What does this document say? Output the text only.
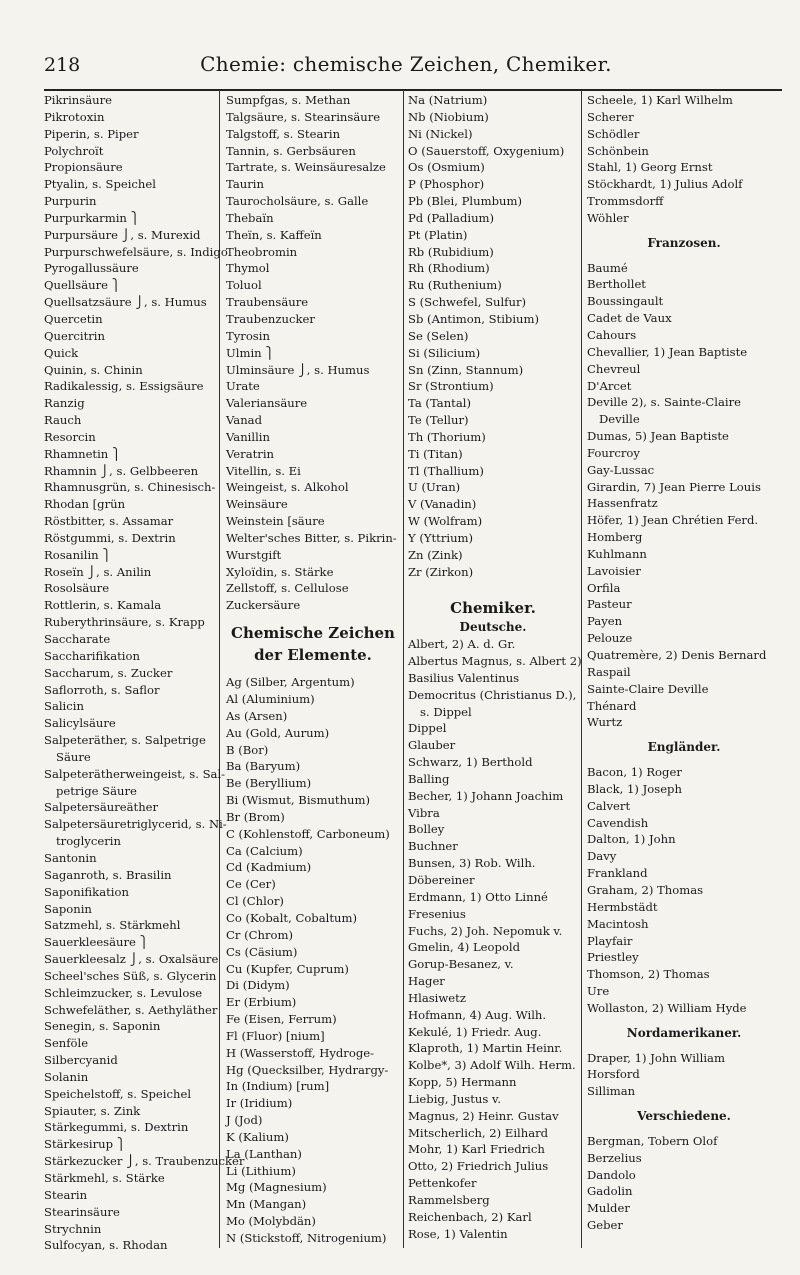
218	Chemie: chemische Zeichen, Chemiker.
Pikrinsäure
Pikrotoxin
Piperin, s. Piper
Polychroït
Propionsäure
Ptyalin, s. Speichel
Purpurin
Purpurkarmin ⎫
Purpursäure ⎭, s. Murexid
Purpurschwefelsäure, s. Indigo
Pyrogallussäure
Quellsäure ⎫
Quellsatzsäure ⎭, s. Humus
Quercetin
Quercitrin
Quick
Quinin, s. Chinin
Radikalessig, s. Essigsäure
Ranzig
Rauch
Resorcin
Rhamnetin ⎫
Rhamnin ⎭, s. Gelbbeeren
Rhamnusgrün, s. Chinesisch-
Rhodan [grün
Röstbitter, s. Assamar
Röstgummi, s. Dextrin
Rosanilin ⎫
Roseïn ⎭, s. Anilin
Rosolsäure
Rottlerin, s. Kamala
Ruberythrinsäure, s. Krapp
Saccharate
Saccharifikation
Saccharum, s. Zucker
Saflorroth, s. Saflor
Salicin
Salicylsäure
Salpeteräther, s. Salpetrige
Säure
Salpeterätherweingeist, s. Sal-
petrige Säure
Salpetersäureäther
Salpetersäuretriglycerid, s. Ni-
troglycerin
Santonin
Saganroth, s. Brasilin
Saponifikation
Saponin
Satzmehl, s. Stärkmehl
Sauerkleesäure ⎫
Sauerkleesalz ⎭, s. Oxalsäure
Scheel'sches Süß, s. Glycerin
Schleimzucker, s. Levulose
Schwefeläther, s. Aethyläther
Senegin, s. Saponin
Senföle
Silbercyanid
Solanin
Speichelstoff, s. Speichel
Spiauter, s. Zink
Stärkegummi, s. Dextrin
Stärkesirup ⎫
Stärkezucker ⎭, s. Traubenzucker
Stärkmehl, s. Stärke
Stearin
Stearinsäure
Strychnin
Sulfocyan, s. Rhodan
Sumpfgas, s. Methan
Talgsäure, s. Stearinsäure
Talgstoff, s. Stearin
Tannin, s. Gerbsäuren
Tartrate, s. Weinsäuresalze
Taurin
Taurocholsäure, s. Galle
Thebaïn
Theïn, s. Kaffeïn
Theobromin
Thymol
Toluol
Traubensäure
Traubenzucker
Tyrosin
Ulmin ⎫
Ulminsäure ⎭, s. Humus
Urate
Valeriansäure
Vanad
Vanillin
Veratrin
Vitellin, s. Ei
Weingeist, s. Alkohol
Weinsäure
Weinstein [säure
Welter'sches Bitter, s. Pikrin-
Wurstgift
Xyloïdin, s. Stärke
Zellstoff, s. Cellulose
Zuckersäure
Chemische Zeichen der Elemente.
Ag (Silber, Argentum)
Al (Aluminium)
As (Arsen)
Au (Gold, Aurum)
B (Bor)
Ba (Baryum)
Be (Beryllium)
Bi (Wismut, Bismuthum)
Br (Brom)
C (Kohlenstoff, Carboneum)
Ca (Calcium)
Cd (Kadmium)
Ce (Cer)
Cl (Chlor)
Co (Kobalt, Cobaltum)
Cr (Chrom)
Cs (Cäsium)
Cu (Kupfer, Cuprum)
Di (Didym)
Er (Erbium)
Fe (Eisen, Ferrum)
Fl (Fluor) [nium]
H (Wasserstoff, Hydroge-
Hg (Quecksilber, Hydrargy-
In (Indium) [rum]
Ir (Iridium)
J (Jod)
K (Kalium)
La (Lanthan)
Li (Lithium)
Mg (Magnesium)
Mn (Mangan)
Mo (Molybdän)
N (Stickstoff, Nitrogenium)
Na (Natrium)
Nb (Niobium)
Ni (Nickel)
O (Sauerstoff, Oxygenium)
Os (Osmium)
P (Phosphor)
Pb (Blei, Plumbum)
Pd (Palladium)
Pt (Platin)
Rb (Rubidium)
Rh (Rhodium)
Ru (Ruthenium)
S (Schwefel, Sulfur)
Sb (Antimon, Stibium)
Se (Selen)
Si (Silicium)
Sn (Zinn, Stannum)
Sr (Strontium)
Ta (Tantal)
Te (Tellur)
Th (Thorium)
Ti (Titan)
Tl (Thallium)
U (Uran)
V (Vanadin)
W (Wolfram)
Y (Yttrium)
Zn (Zink)
Zr (Zirkon)
Chemiker.
Deutsche.
Albert, 2) A. d. Gr.
Albertus Magnus, s. Albert 2)
Basilius Valentinus
Democritus (Christianus D.),
s. Dippel
Dippel
Glauber
Schwarz, 1) Berthold
Balling
Becher, 1) Johann Joachim
Vibra
Bolley
Buchner
Bunsen, 3) Rob. Wilh.
Döbereiner
Erdmann, 1) Otto Linné
Fresenius
Fuchs, 2) Joh. Nepomuk v.
Gmelin, 4) Leopold
Gorup-Besanez, v.
Hager
Hlasiwetz
Hofmann, 4) Aug. Wilh.
Kekulé, 1) Friedr. Aug.
Klaproth, 1) Martin Heinr.
Kolbe*, 3) Adolf Wilh. Herm.
Kopp, 5) Hermann
Liebig, Justus v.
Magnus, 2) Heinr. Gustav
Mitscherlich, 2) Eilhard
Mohr, 1) Karl Friedrich
Otto, 2) Friedrich Julius
Pettenkofer
Rammelsberg
Reichenbach, 2) Karl
Rose, 1) Valentin
Scheele, 1) Karl Wilhelm
Scherer
Schödler
Schönbein
Stahl, 1) Georg Ernst
Stöckhardt, 1) Julius Adolf
Trommsdorff
Wöhler
Franzosen.
Baumé
Berthollet
Boussingault
Cadet de Vaux
Cahours
Chevallier, 1) Jean Baptiste
Chevreul
D'Arcet
Deville 2), s. Sainte-Claire
Deville
Dumas, 5) Jean Baptiste
Fourcroy
Gay-Lussac
Girardin, 7) Jean Pierre Louis
Hassenfratz
Höfer, 1) Jean Chrétien Ferd.
Homberg
Kuhlmann
Lavoisier
Orfila
Pasteur
Payen
Pelouze
Quatremère, 2) Denis Bernard
Raspail
Sainte-Claire Deville
Thénard
Wurtz
Engländer.
Bacon, 1) Roger
Black, 1) Joseph
Calvert
Cavendish
Dalton, 1) John
Davy
Frankland
Graham, 2) Thomas
Hermbstädt
Macintosh
Playfair
Priestley
Thomson, 2) Thomas
Ure
Wollaston, 2) William Hyde
Nordamerikaner.
Draper, 1) John William
Horsford
Silliman
Verschiedene.
Bergman, Tobern Olof
Berzelius
Dandolo
Gadolin
Mulder
Geber
